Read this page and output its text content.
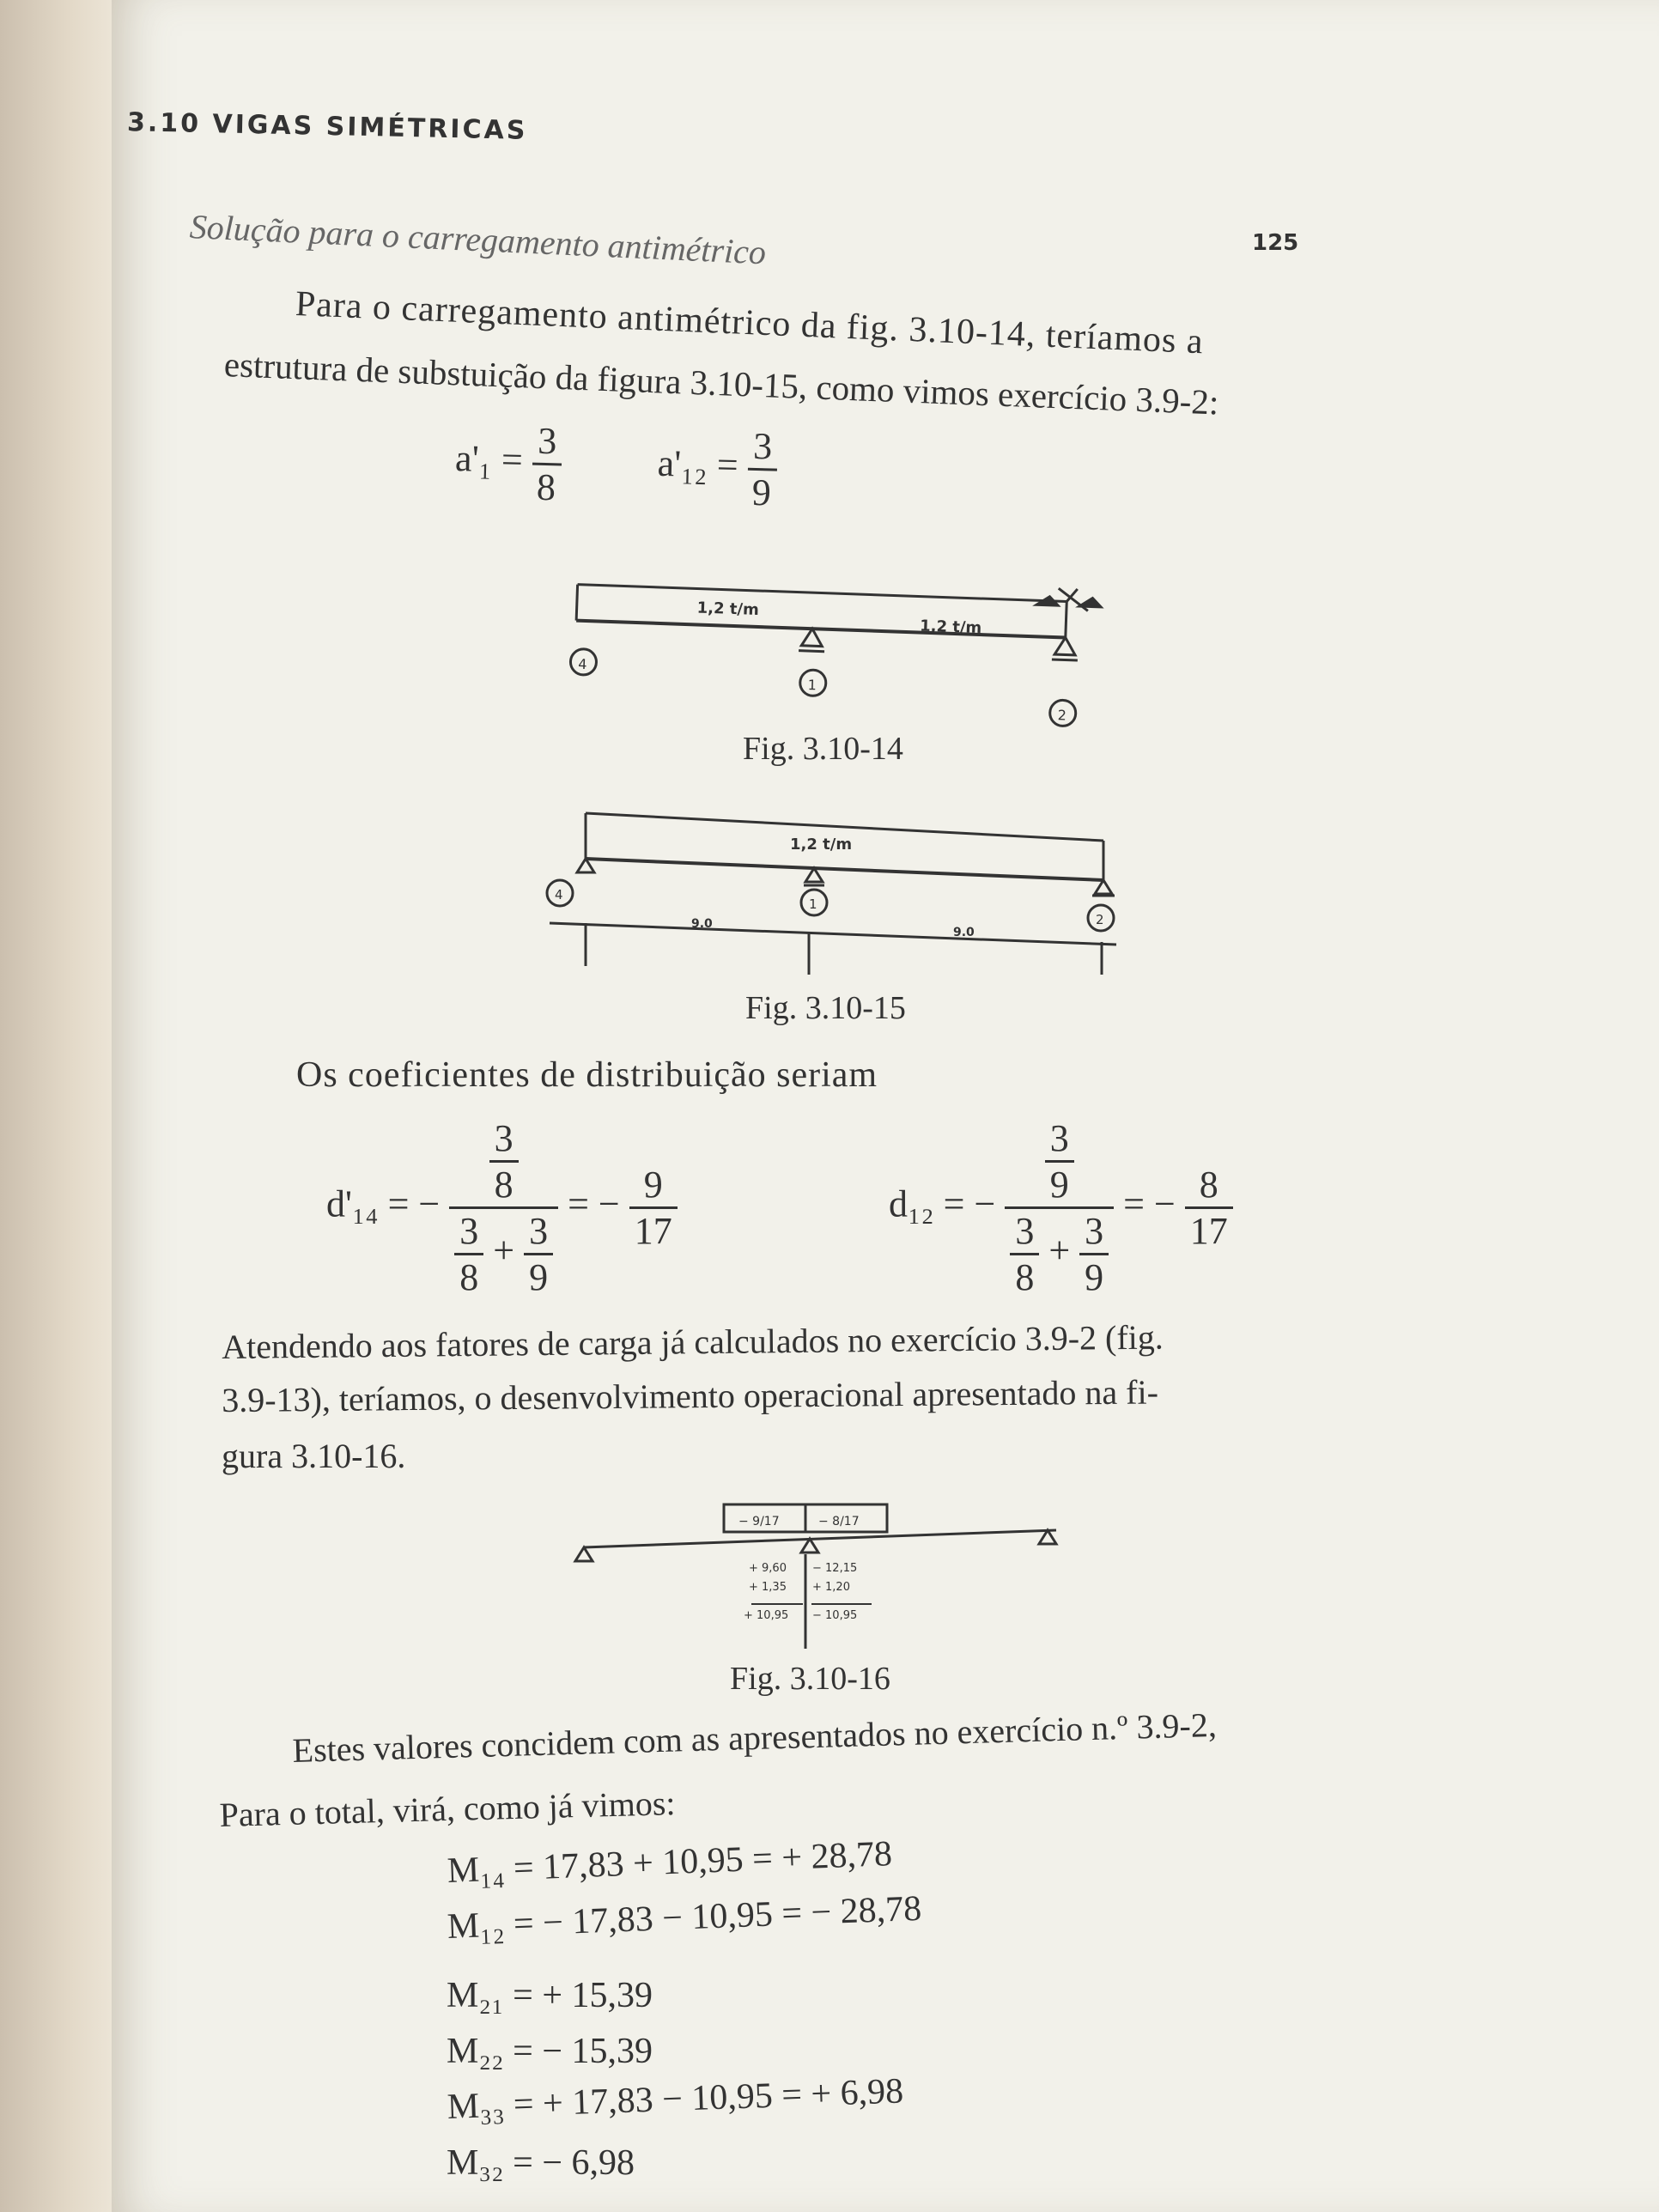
3.10 VIGAS SIMÉTRICAS
125
Solução para o carregamento antimétrico
Para o carregamento antimétrico da fig. 3.10-14, teríamos a
estrutura de substuição da figura 3.10-15, como vimos exercício 3.9-2:
a'₁ =
$\frac{3}{8}$	a'₁₂ =
$\frac{3}{9}$
1,2 t/m
1,2 t/m
4
1
2
Fig. 3.10-14
1,2 t/m
4
1
2
9.0
9.0
Fig. 3.10-15
Os coeficientes de distribuição seriam
d'₁₄ = − $\frac{\frac{3}{8}}{\frac{3}{8} + \frac{3}{9}}$ = − $\frac{9}{17}$	d₁₂ = − $\frac{\frac{3}{9}}{\frac{3}{8} + \frac{3}{9}}$ = − $\frac{8}{17}$
Atendendo aos fatores de carga já calculados no exercício 3.9-2 (fig.
3.9-13), teríamos, o desenvolvimento operacional apresentado na fi-
gura 3.10-16.
− 9/17	− 8/17
+ 9,60
+ 1,35
+ 10,95
− 12,15
+ 1,20
− 10,95
Fig. 3.10-16
Estes valores concidem com as apresentados no exercício n.º 3.9-2,
Para o total, virá, como já vimos:
M₁₄ = 17,83 + 10,95 = + 28,78
M₁₂ = − 17,83 − 10,95 = − 28,78
M₂₁ = + 15,39
M₂₂ = − 15,39
M₃₃ = + 17,83 − 10,95 = + 6,98
M₃₂ = − 6,98
